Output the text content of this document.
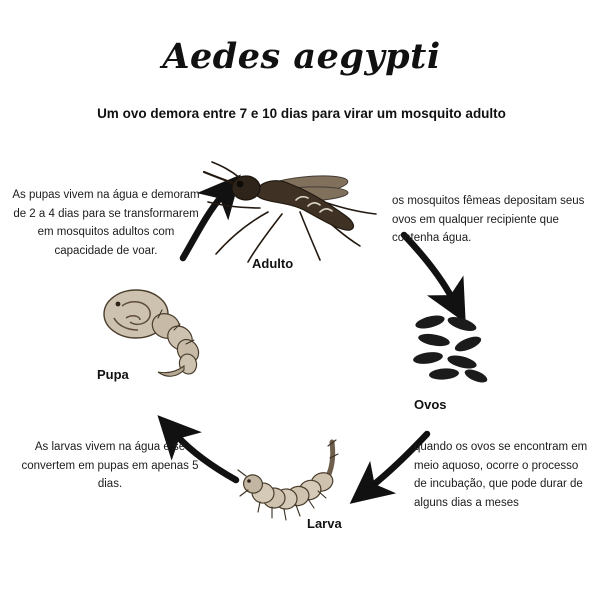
Aedes aegypti
Um ovo demora entre 7 e 10 dias para virar um mosquito adulto
Adulto
Ovos
Larva
Pupa
As pupas vivem na água e demoram de 2 a 4 dias para se transformarem em mosquitos adultos com capacidade de voar.
os mosquitos fêmeas depositam seus ovos em qualquer recipiente que contenha água.
quando os ovos se encontram em meio aquoso, ocorre o processo de incubação, que pode durar de alguns dias a meses
As larvas vivem na água e se convertem em pupas em apenas 5 dias.
